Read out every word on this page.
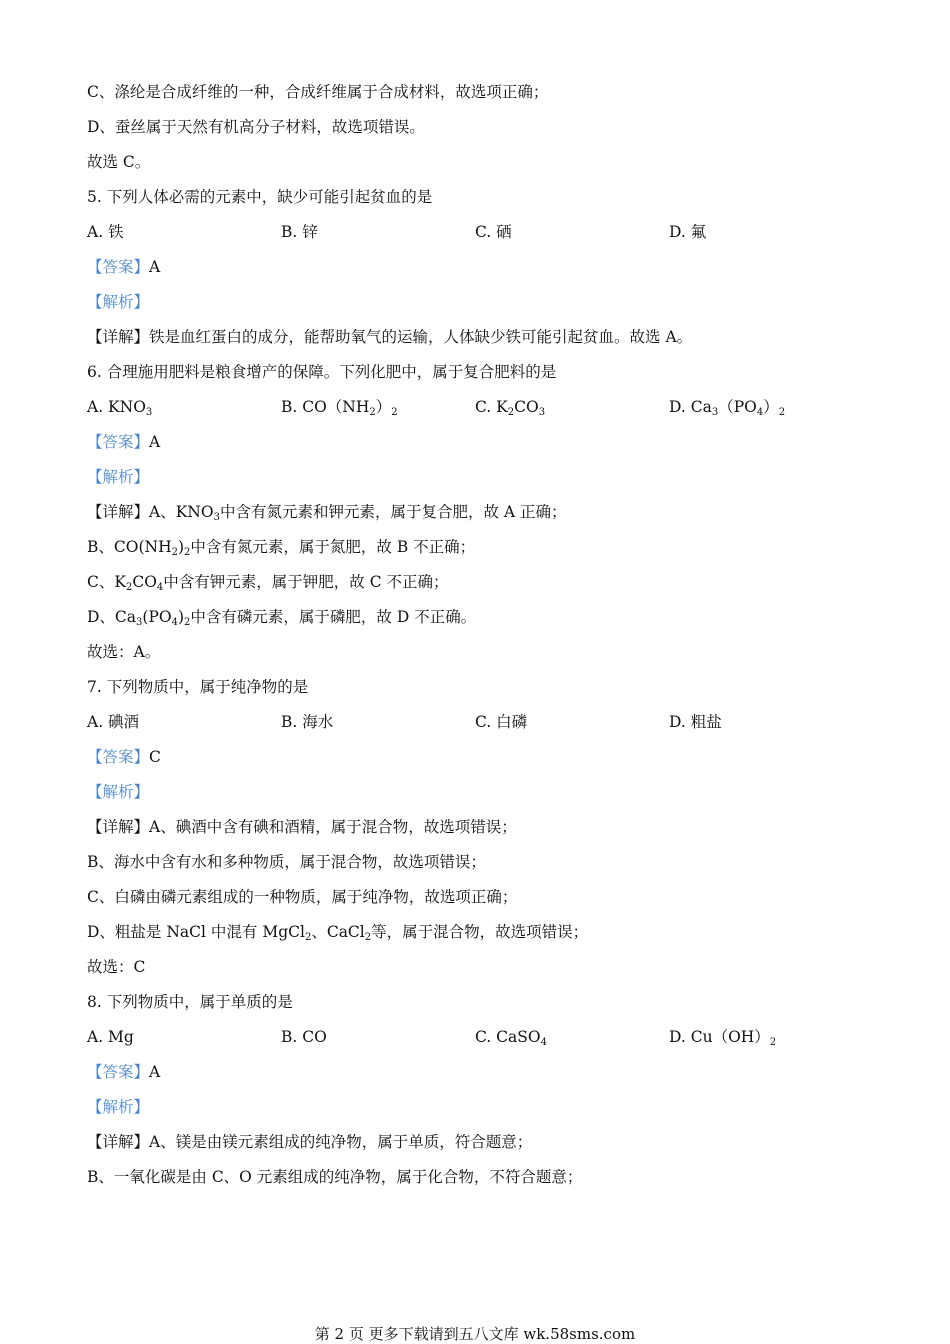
C、涤纶是合成纤维的一种，合成纤维属于合成材料，故选项正确；
D、蚕丝属于天然有机高分子材料，故选项错误。
故选 C。
5. 下列人体必需的元素中，缺少可能引起贫血的是
A. 铁	B. 锌	C. 硒	D. 氟
【答案】A
【解析】
【详解】铁是血红蛋白的成分，能帮助氧气的运输，人体缺少铁可能引起贫血。故选 A。
6. 合理施用肥料是粮食增产的保障。下列化肥中，属于复合肥料的是
A. $KNO_3$	B. $CO(NH_2)_2$	C. $K_2CO_3$	D. $Ca_3(PO_4)_2$
【答案】A
【解析】
【详解】A、$KNO_3$中含有氮元素和钾元素，属于复合肥，故 A 正确；
B、$CO(NH_2)_2$中含有氮元素，属于氮肥，故 B 不正确；
C、$K_2CO_4$中含有钾元素，属于钾肥，故 C 不正确；
D、$Ca_3(PO_4)_2$中含有磷元素，属于磷肥，故 D 不正确。
故选：A。
7. 下列物质中，属于纯净物的是
A. 碘酒	B. 海水	C. 白磷	D. 粗盐
【答案】C
【解析】
【详解】A、碘酒中含有碘和酒精，属于混合物，故选项错误；
B、海水中含有水和多种物质，属于混合物，故选项错误；
C、白磷由磷元素组成的一种物质，属于纯净物，故选项正确；
D、粗盐是 NaCl 中混有 MgCl$_2$、CaCl$_2$等，属于混合物，故选项错误；
故选：C
8. 下列物质中，属于单质的是
A. Mg	B. CO	C. CaSO$_4$	D. $Cu(OH)_2$
【答案】A
【解析】
【详解】A、镁是由镁元素组成的纯净物，属于单质，符合题意；
B、一氧化碳是由 C、O 元素组成的纯净物，属于化合物，不符合题意；
第 2 页 更多下载请到五八文库 wk.58sms.com
